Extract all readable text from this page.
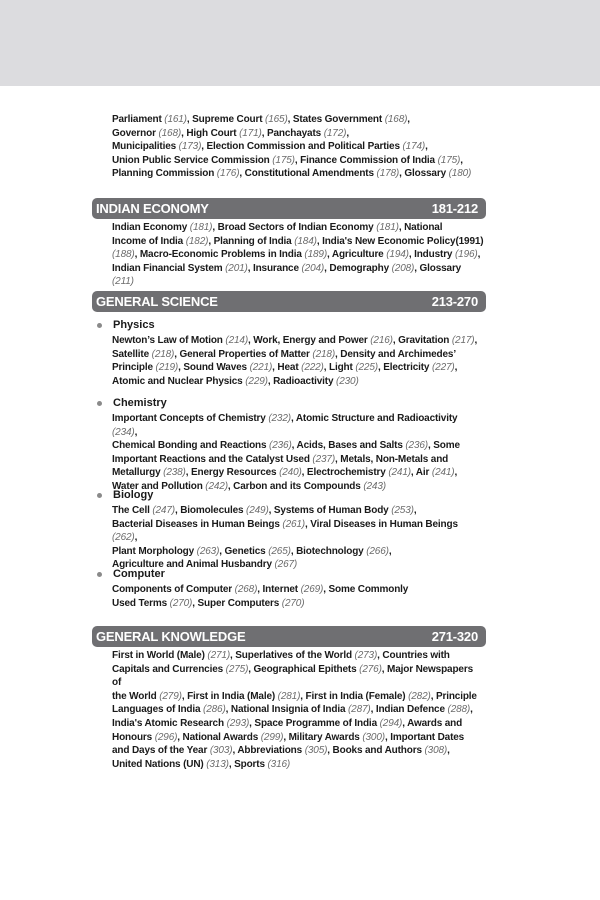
Parliament (161), Supreme Court (165), States Government (168),
Governor (168), High Court (171), Panchayats (172),
Municipalities (173), Election Commission and Political Parties (174),
Union Public Service Commission (175), Finance Commission of India (175),
Planning Commission (176), Constitutional Amendments (178), Glossary (180)
INDIAN ECONOMY	181-212
Indian Economy (181), Broad Sectors of Indian Economy (181), National
Income of India (182), Planning of India (184), India's New Economic Policy(1991)
(188), Macro-Economic Problems in India (189), Agriculture (194), Industry (196),
Indian Financial System (201), Insurance (204), Demography (208), Glossary (211)
GENERAL SCIENCE	213-270
Physics
Newton’s Law of Motion (214), Work, Energy and Power (216), Gravitation (217),
Satellite (218), General Properties of Matter (218), Density and Archimedes’
Principle (219), Sound Waves (221), Heat (222), Light (225), Electricity (227),
Atomic and Nuclear Physics (229), Radioactivity (230)
Chemistry
Important Concepts of Chemistry (232), Atomic Structure and Radioactivity (234),
Chemical Bonding and Reactions (236), Acids, Bases and Salts (236), Some
Important Reactions and the Catalyst Used (237), Metals, Non-Metals and
Metallurgy (238), Energy Resources (240), Electrochemistry (241), Air (241),
Water and Pollution (242), Carbon and its Compounds (243)
Biology
The Cell (247), Biomolecules (249), Systems of Human Body (253),
Bacterial Diseases in Human Beings (261), Viral Diseases in Human Beings (262),
Plant Morphology (263), Genetics (265), Biotechnology (266),
Agriculture and Animal Husbandry (267)
Computer
Components of Computer (268), Internet (269), Some Commonly
Used Terms (270), Super Computers (270)
GENERAL KNOWLEDGE	271-320
First in World (Male) (271), Superlatives of the World (273), Countries with
Capitals and Currencies (275), Geographical Epithets (276), Major Newspapers of
the World (279), First in India (Male) (281), First in India (Female) (282), Principle
Languages of India (286), National Insignia of India (287), Indian Defence (288),
India's Atomic Research (293), Space Programme of India (294), Awards and
Honours (296), National Awards (299), Military Awards (300), Important Dates
and Days of the Year (303), Abbreviations (305), Books and Authors (308),
United Nations (UN) (313), Sports (316)
